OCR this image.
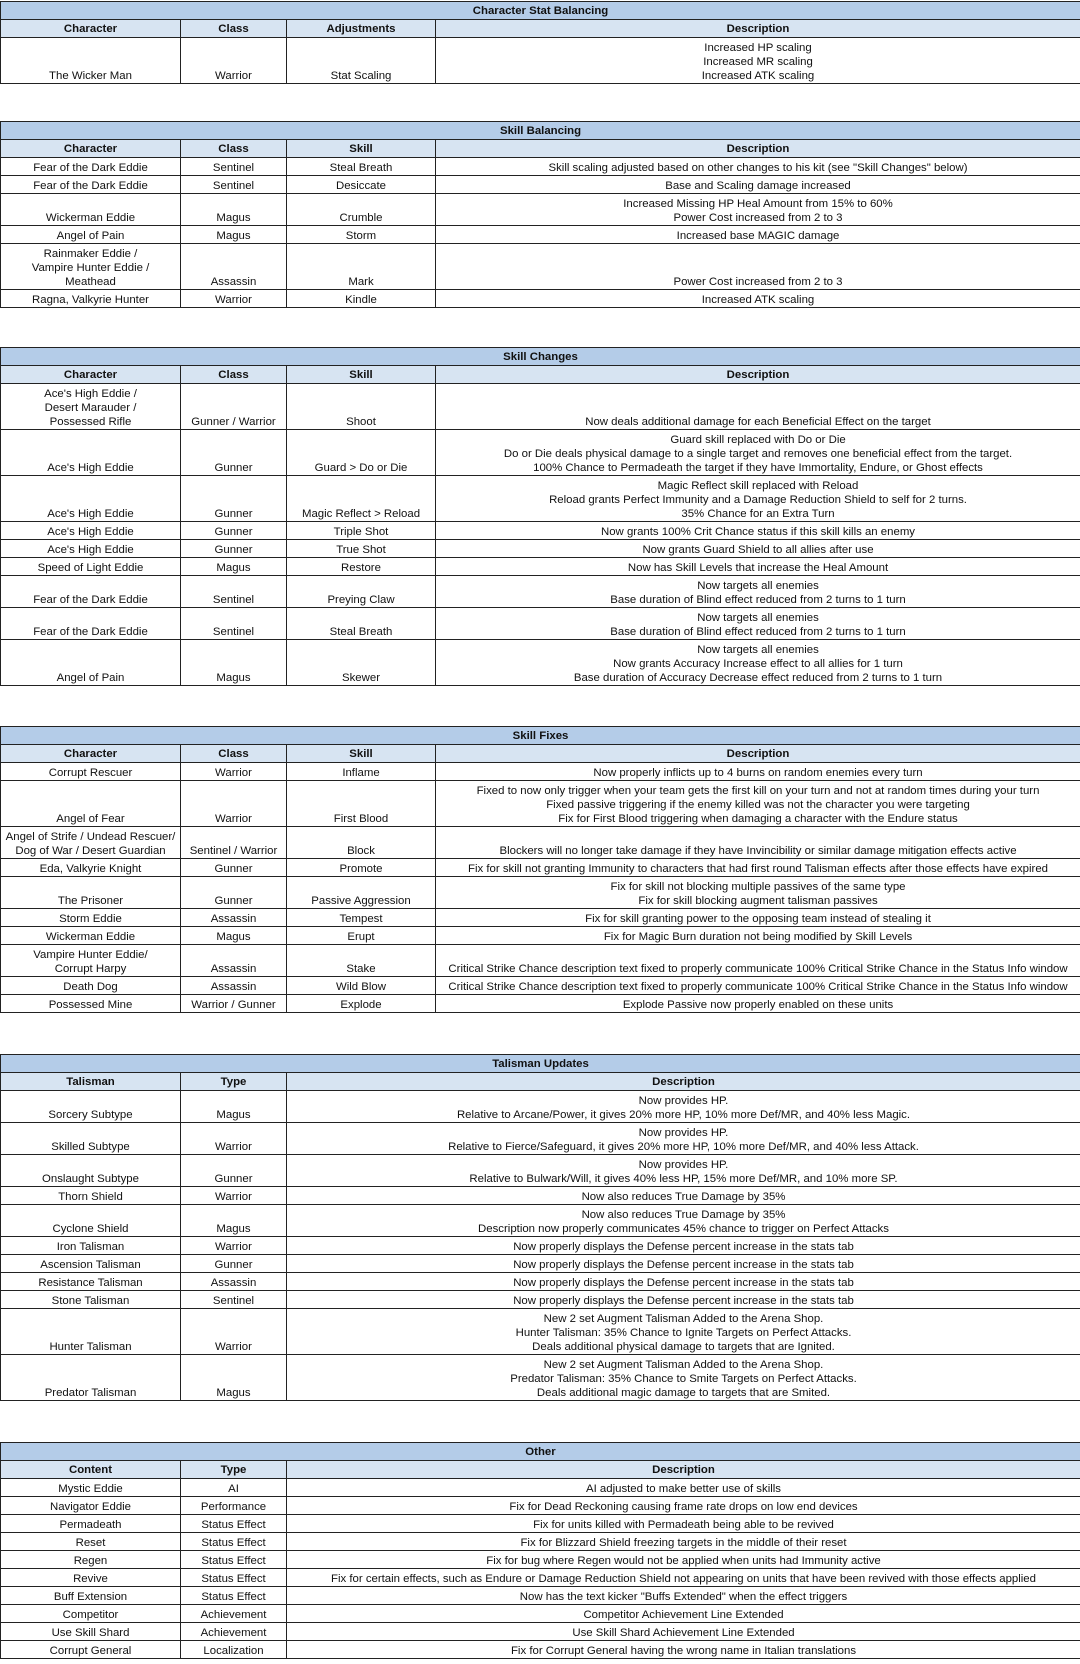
Character Stat Balancing			
Character	Class	Adjustments	Description
The Wicker Man	Warrior	Stat Scaling	Increased HP scaling
Increased MR scaling
Increased ATK scaling
Skill Balancing			
Character	Class	Skill	Description
Fear of the Dark Eddie	Sentinel	Steal Breath	Skill scaling adjusted based on other changes to his kit (see "Skill Changes" below)
Fear of the Dark Eddie	Sentinel	Desiccate	Base and Scaling damage increased
Wickerman Eddie	Magus	Crumble	Increased Missing HP Heal Amount from 15% to 60%
Power Cost increased from 2 to 3
Angel of Pain	Magus	Storm	Increased base MAGIC damage
Rainmaker Eddie /
Vampire Hunter Eddie /
Meathead	Assassin	Mark	Power Cost increased from 2 to 3
Ragna, Valkyrie Hunter	Warrior	Kindle	Increased ATK scaling
Skill Changes			
Character	Class	Skill	Description
Ace's High Eddie /
Desert Marauder /
Possessed Rifle	Gunner / Warrior	Shoot	Now deals additional damage for each Beneficial Effect on the target
Ace's High Eddie	Gunner	Guard > Do or Die	Guard skill replaced with Do or Die
Do or Die deals physical damage to a single target and removes one beneficial effect from the target.
100% Chance to Permadeath the target if they have Immortality, Endure, or Ghost effects
Ace's High Eddie	Gunner	Magic Reflect > Reload	Magic Reflect skill replaced with Reload
Reload grants Perfect Immunity and a Damage Reduction Shield to self for 2 turns.
35% Chance for an Extra Turn
Ace's High Eddie	Gunner	Triple Shot	Now grants 100% Crit Chance status if this skill kills an enemy
Ace's High Eddie	Gunner	True Shot	Now grants Guard Shield to all allies after use
Speed of Light Eddie	Magus	Restore	Now has Skill Levels that increase the Heal Amount
Fear of the Dark Eddie	Sentinel	Preying Claw	Now targets all enemies
Base duration of Blind effect reduced from 2 turns to 1 turn
Fear of the Dark Eddie	Sentinel	Steal Breath	Now targets all enemies
Base duration of Blind effect reduced from 2 turns to 1 turn
Angel of Pain	Magus	Skewer	Now targets all enemies
Now grants Accuracy Increase effect to all allies for 1 turn
Base duration of Accuracy Decrease effect reduced from 2 turns to 1 turn
Skill Fixes			
Character	Class	Skill	Description
Corrupt Rescuer	Warrior	Inflame	Now properly inflicts up to 4 burns on random enemies every turn
Angel of Fear	Warrior	First Blood	Fixed to now only trigger when your team gets the first kill on your turn and not at random times during your turn
Fixed passive triggering if the enemy killed was not the character you were targeting
Fix for First Blood triggering when damaging a character with the Endure status
Angel of Strife / Undead Rescuer/
Dog of War / Desert Guardian	Sentinel / Warrior	Block	Blockers will no longer take damage if they have Invincibility or similar damage mitigation effects active
Eda, Valkyrie Knight	Gunner	Promote	Fix for skill not granting Immunity to characters that had first round Talisman effects after those effects have expired
The Prisoner	Gunner	Passive Aggression	Fix for skill not blocking multiple passives of the same type
Fix for skill blocking augment talisman passives
Storm Eddie	Assassin	Tempest	Fix for skill granting power to the opposing team instead of stealing it
Wickerman Eddie	Magus	Erupt	Fix for Magic Burn duration not being modified by Skill Levels
Vampire Hunter Eddie/
Corrupt Harpy	Assassin	Stake	Critical Strike Chance description text fixed to properly communicate 100% Critical Strike Chance in the Status Info window
Death Dog	Assassin	Wild Blow	Critical Strike Chance description text fixed to properly communicate 100% Critical Strike Chance in the Status Info window
Possessed Mine	Warrior / Gunner	Explode	Explode Passive now properly enabled on these units
Talisman Updates		
Talisman	Type	Description
Sorcery Subtype	Magus	Now provides HP.
Relative to Arcane/Power, it gives 20% more HP, 10% more Def/MR, and 40% less Magic.
Skilled Subtype	Warrior	Now provides HP.
Relative to Fierce/Safeguard, it gives 20% more HP, 10% more Def/MR, and 40% less Attack.
Onslaught Subtype	Gunner	Now provides HP.
Relative to Bulwark/Will, it gives 40% less HP, 15% more Def/MR, and 10% more SP.
Thorn Shield	Warrior	Now also reduces True Damage by 35%
Cyclone Shield	Magus	Now also reduces True Damage by 35%
Description now properly communicates 45% chance to trigger on Perfect Attacks
Iron Talisman	Warrior	Now properly displays the Defense percent increase in the stats tab
Ascension Talisman	Gunner	Now properly displays the Defense percent increase in the stats tab
Resistance Talisman	Assassin	Now properly displays the Defense percent increase in the stats tab
Stone Talisman	Sentinel	Now properly displays the Defense percent increase in the stats tab
Hunter Talisman	Warrior	New 2 set Augment Talisman Added to the Arena Shop.
Hunter Talisman: 35% Chance to Ignite Targets on Perfect Attacks.
Deals additional physical damage to targets that are Ignited.
Predator Talisman	Magus	New 2 set Augment Talisman Added to the Arena Shop.
Predator Talisman: 35% Chance to Smite Targets on Perfect Attacks.
Deals additional magic damage to targets that are Smited.
Other		
Content	Type	Description
Mystic Eddie	AI	AI adjusted to make better use of skills
Navigator Eddie	Performance	Fix for Dead Reckoning causing frame rate drops on low end devices
Permadeath	Status Effect	Fix for units killed with Permadeath being able to be revived
Reset	Status Effect	Fix for Blizzard Shield freezing targets in the middle of their reset
Regen	Status Effect	Fix for bug where Regen would not be applied when units had Immunity active
Revive	Status Effect	Fix for certain effects, such as Endure or Damage Reduction Shield not appearing on units that have been revived with those effects applied
Buff Extension	Status Effect	Now has the text kicker "Buffs Extended" when the effect triggers
Competitor	Achievement	Competitor Achievement Line Extended
Use Skill Shard	Achievement	Use Skill Shard Achievement Line Extended
Corrupt General	Localization	Fix for Corrupt General having the wrong name in Italian translations
